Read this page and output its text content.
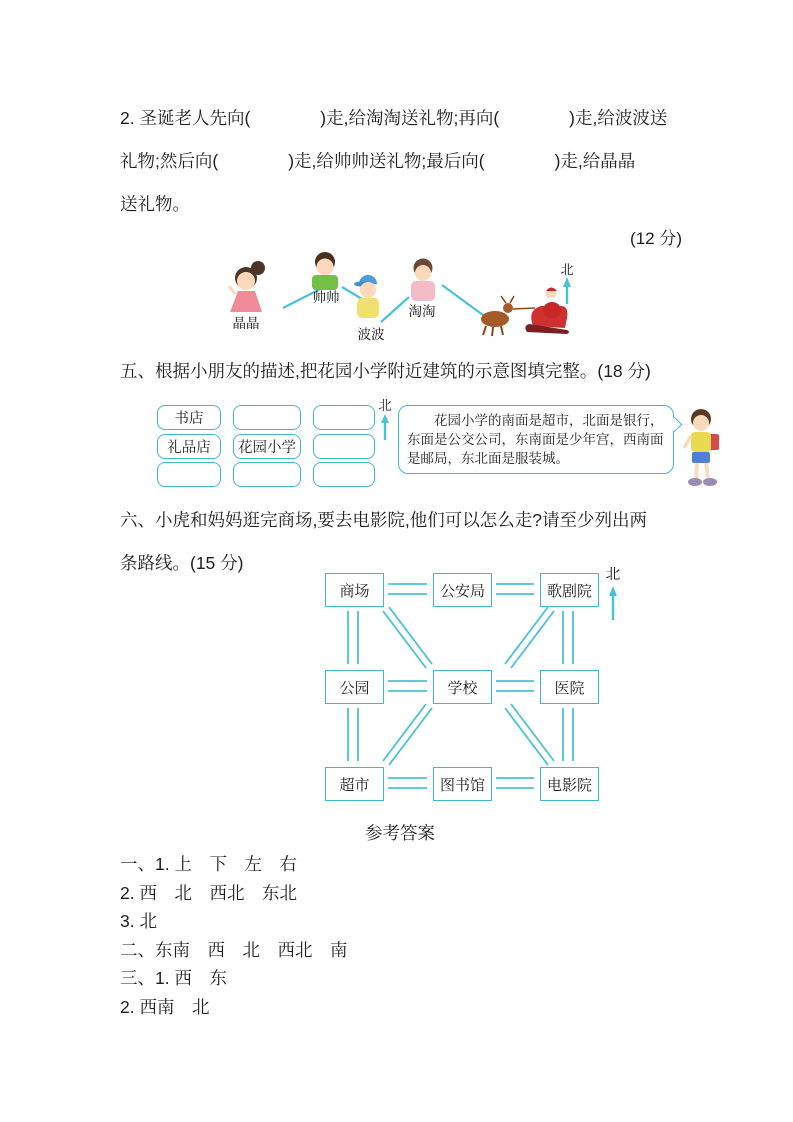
2. 圣诞老人先向(　　　　)走,给淘淘送礼物;再向(　　　　)走,给波波送

礼物;然后向(　　　　)走,给帅帅送礼物;最后向(　　　　)走,给晶晶

送礼物。

(12 分)
晶晶
帅帅
波波
淘淘
北
五、根据小朋友的描述,把花园小学附近建筑的示意图填完整。(18 分)
书店
礼品店	花园小学
北
　　花园小学的南面是超市，北面是银行，东面是公交公司，东南面是少年宫，西南面是邮局，东北面是服装城。

六、小虎和妈妈逛完商场,要去电影院,他们可以怎么走?请至少列出两

条路线。(15 分)

北
商场	公安局	歌剧院
公园	学校	医院
超市	图书馆	电影院
参考答案

一、1. 上　下　左　右

2. 西　北　西北　东北

3. 北

二、东南　西　北　西北　南

三、1. 西　东

2. 西南　北
